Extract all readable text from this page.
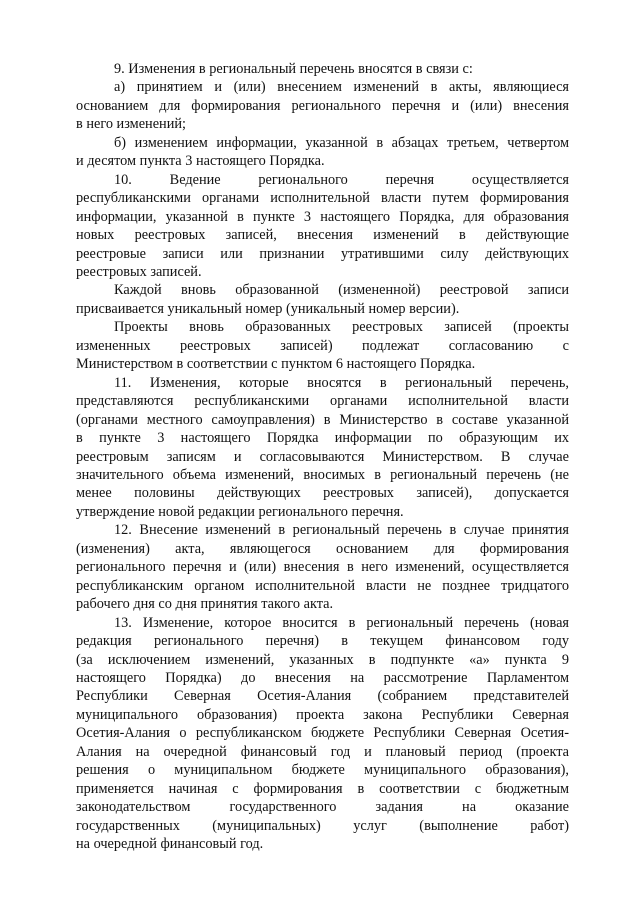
9. Изменения в региональный перечень вносятся в связи с:
а) принятием и (или) внесением изменений в акты, являющиеся
основанием для формирования регионального перечня и (или) внесения
в него изменений;
б) изменением информации, указанной в абзацах третьем, четвертом
и десятом пункта 3 настоящего Порядка.
10. Ведение регионального перечня осуществляется
республиканскими органами исполнительной власти путем формирования
информации, указанной в пункте 3 настоящего Порядка, для образования
новых реестровых записей, внесения изменений в действующие
реестровые записи или признании утратившими силу действующих
реестровых записей.
Каждой вновь образованной (измененной) реестровой записи
присваивается уникальный номер (уникальный номер версии).
Проекты вновь образованных реестровых записей (проекты
измененных реестровых записей) подлежат согласованию с
Министерством в соответствии с пунктом 6 настоящего Порядка.
11. Изменения, которые вносятся в региональный перечень,
представляются республиканскими органами исполнительной власти
(органами местного самоуправления) в Министерство в составе указанной
в пункте 3 настоящего Порядка информации по образующим их
реестровым записям и согласовываются Министерством. В случае
значительного объема изменений, вносимых в региональный перечень (не
менее половины действующих реестровых записей), допускается
утверждение новой редакции регионального перечня.
12. Внесение изменений в региональный перечень в случае принятия
(изменения) акта, являющегося основанием для формирования
регионального перечня и (или) внесения в него изменений, осуществляется
республиканским органом исполнительной власти не позднее тридцатого
рабочего дня со дня принятия такого акта.
13. Изменение, которое вносится в региональный перечень (новая
редакция регионального перечня) в текущем финансовом году
(за исключением изменений, указанных в подпункте «а» пункта 9
настоящего Порядка) до внесения на рассмотрение Парламентом
Республики Северная Осетия-Алания (собранием представителей
муниципального образования) проекта закона Республики Северная
Осетия-Алания о республиканском бюджете Республики Северная Осетия-
Алания на очередной финансовый год и плановый период (проекта
решения о муниципальном бюджете муниципального образования),
применяется начиная с формирования в соответствии с бюджетным
законодательством государственного задания на оказание
государственных (муниципальных) услуг (выполнение работ)
на очередной финансовый год.
